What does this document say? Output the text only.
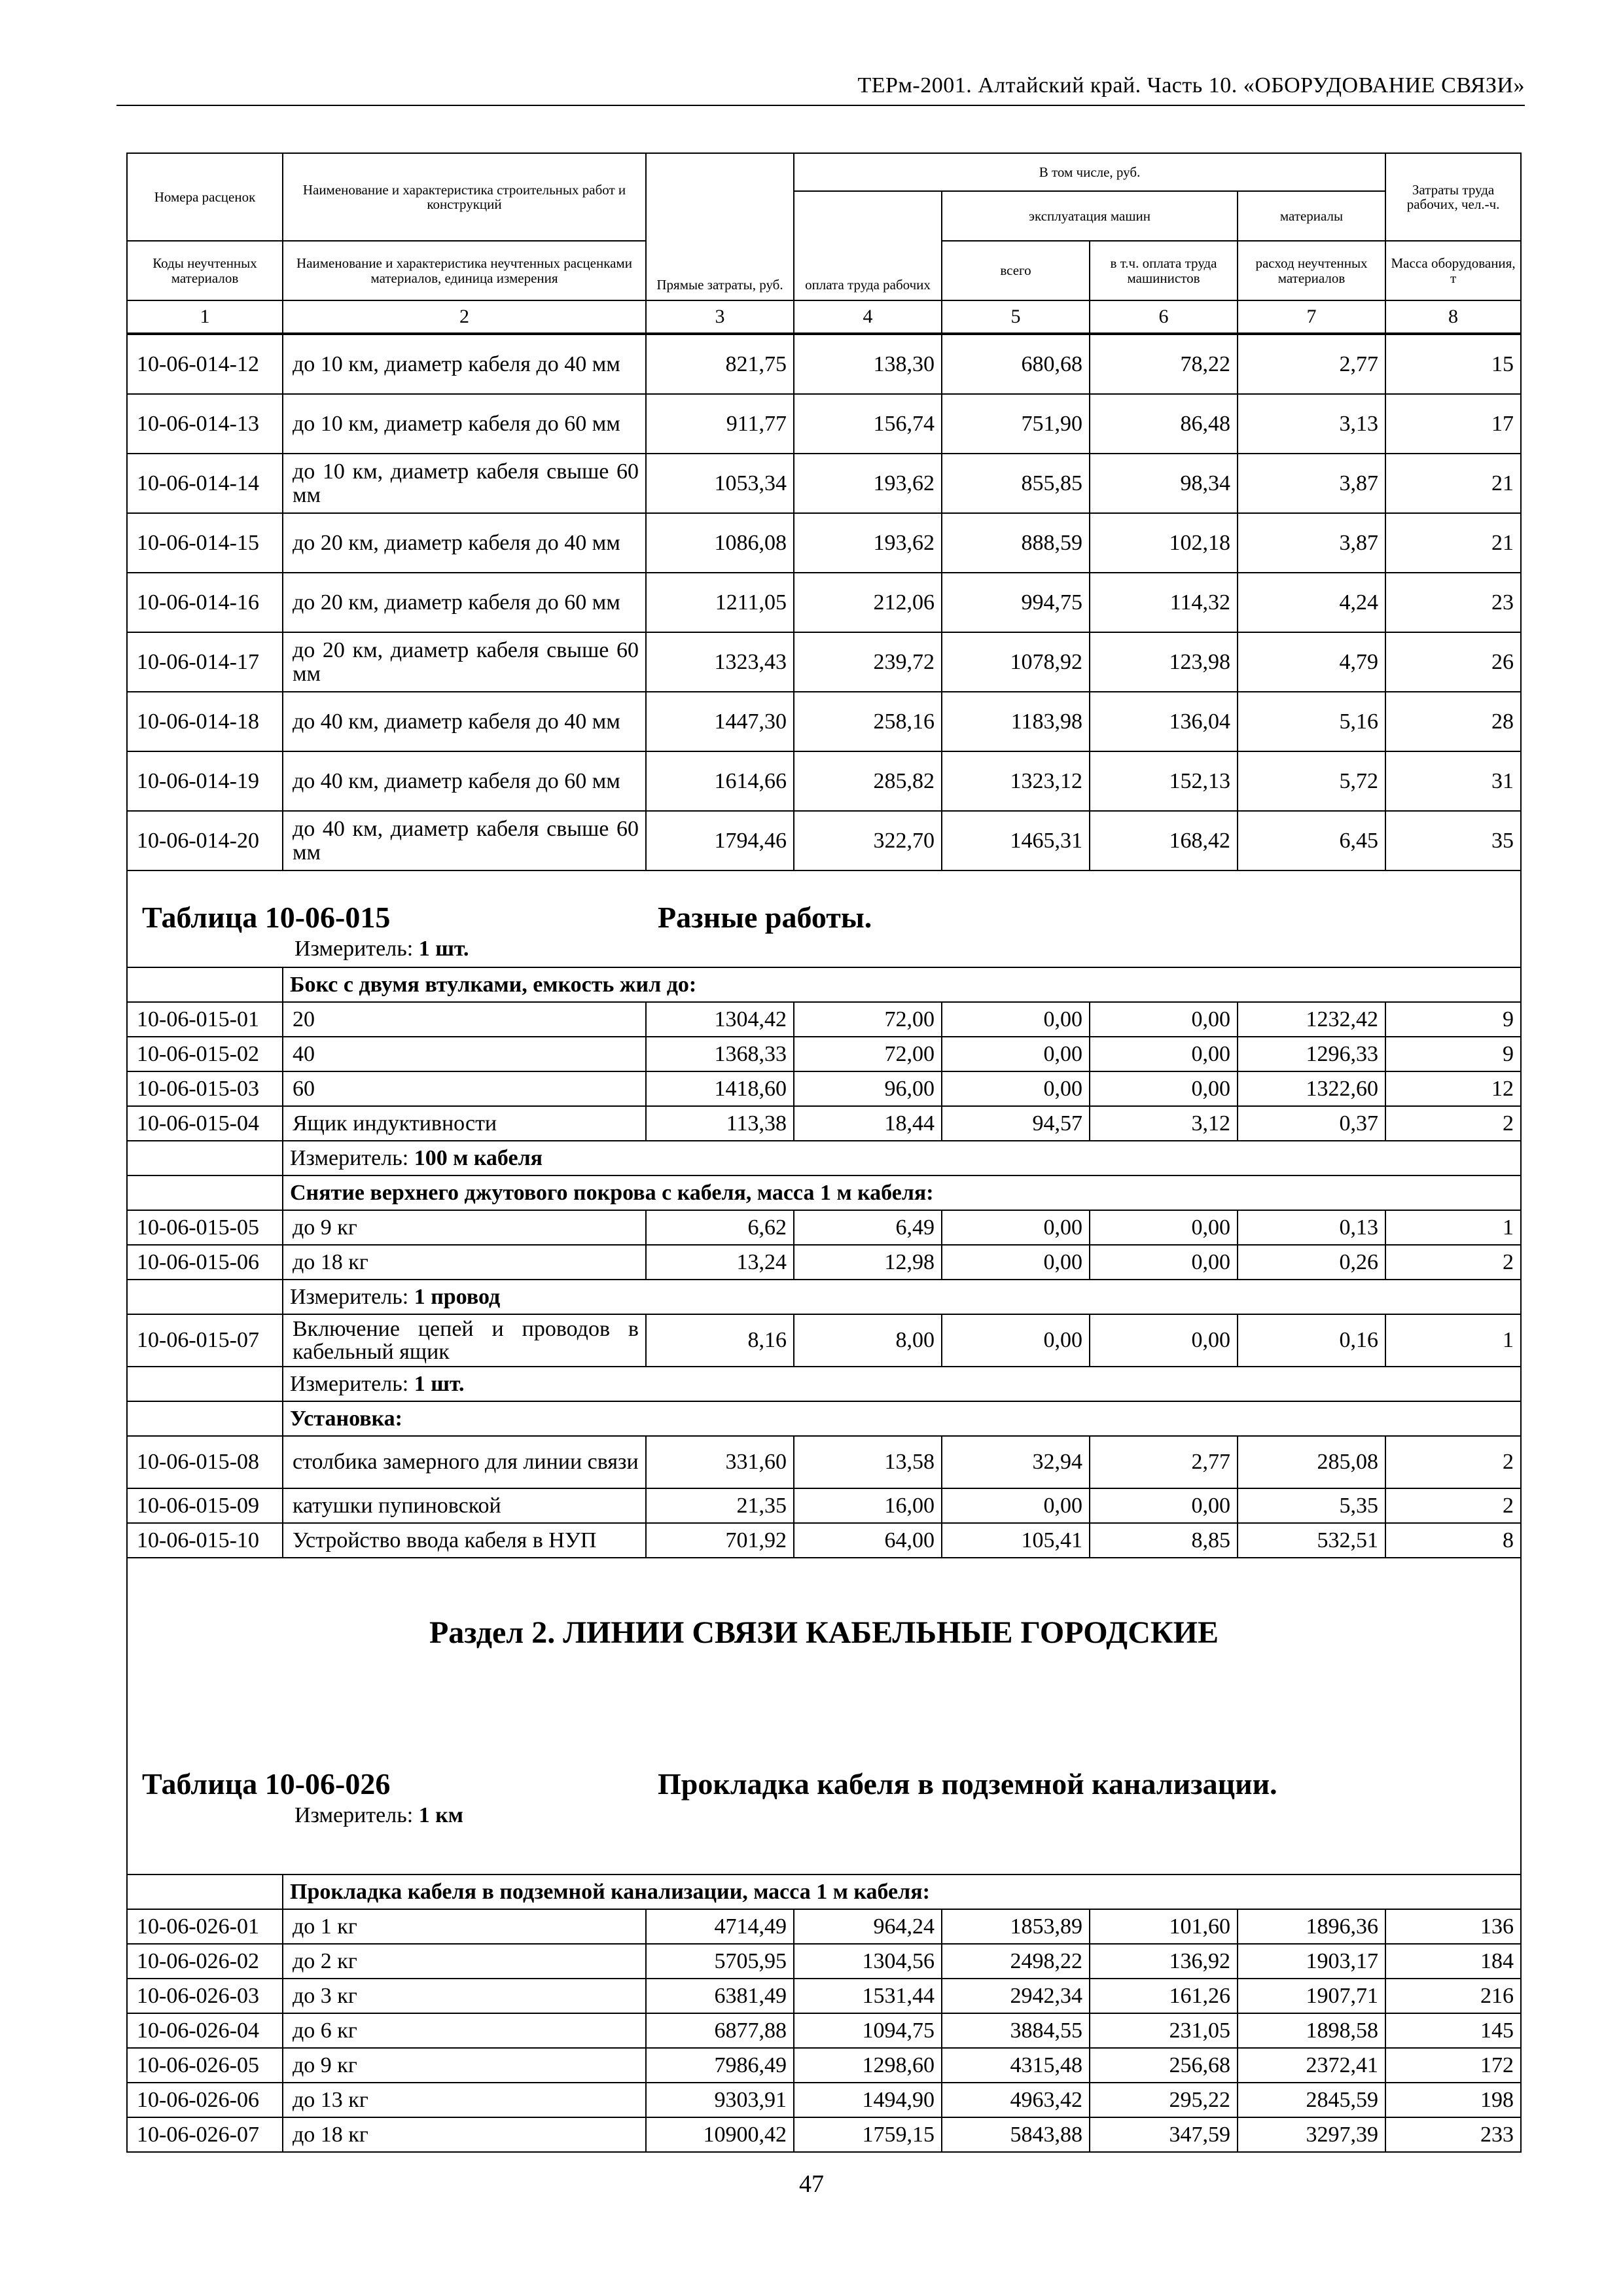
ТЕРм-2001. Алтайский край. Часть 10. «ОБОРУДОВАНИЕ СВЯЗИ»
Номера расценок	Наименование и характеристика строительных работ и конструкций	Прямые затраты, руб.	В том числе, руб.				Затраты труда рабочих, чел.-ч.
			оплата труда рабочих	эксплуатация машин		материалы	
Коды неучтенных материалов	Наименование и характеристика неучтенных расценками материалов, единица измерения			всего	в т.ч. оплата труда машинистов	расход неучтенных материалов	Масса оборудования, т
1	2	3	4	5	6	7	8
10-06-014-12	до 10 км, диаметр кабеля до 40 мм	821,75	138,30	680,68	78,22	2,77	15
10-06-014-13	до 10 км, диаметр кабеля до 60 мм	911,77	156,74	751,90	86,48	3,13	17
10-06-014-14	до 10 км, диаметр кабеля свыше 60 мм	1053,34	193,62	855,85	98,34	3,87	21
10-06-014-15	до 20 км, диаметр кабеля до 40 мм	1086,08	193,62	888,59	102,18	3,87	21
10-06-014-16	до 20 км, диаметр кабеля до 60 мм	1211,05	212,06	994,75	114,32	4,24	23
10-06-014-17	до 20 км, диаметр кабеля свыше 60 мм	1323,43	239,72	1078,92	123,98	4,79	26
10-06-014-18	до 40 км, диаметр кабеля до 40 мм	1447,30	258,16	1183,98	136,04	5,16	28
10-06-014-19	до 40 км, диаметр кабеля до 60 мм	1614,66	285,82	1323,12	152,13	5,72	31
10-06-014-20	до 40 км, диаметр кабеля свыше 60 мм	1794,46	322,70	1465,31	168,42	6,45	35

Таблица 10-06-015 Разные работы.
Измеритель: 1 шт.							

	Бокс с двумя втулками, емкость жил до:						
10-06-015-01	20	1304,42	72,00	0,00	0,00	1232,42	9
10-06-015-02	40	1368,33	72,00	0,00	0,00	1296,33	9
10-06-015-03	60	1418,60	96,00	0,00	0,00	1322,60	12
10-06-015-04	Ящик индуктивности	113,38	18,44	94,57	3,12	0,37	2
	Измеритель: 100 м кабеля						
	Снятие верхнего джутового покрова с кабеля, масса 1 м кабеля:						
10-06-015-05	до 9 кг	6,62	6,49	0,00	0,00	0,13	1
10-06-015-06	до 18 кг	13,24	12,98	0,00	0,00	0,26	2
	Измеритель: 1 провод						
10-06-015-07	Включение цепей и проводов в кабельный ящик	8,16	8,00	0,00	0,00	0,16	1
	Измеритель: 1 шт.						
	Установка:						
10-06-015-08	столбика замерного для линии связи	331,60	13,58	32,94	2,77	285,08	2
10-06-015-09	катушки пупиновской	21,35	16,00	0,00	0,00	5,35	2
10-06-015-10	Устройство ввода кабеля в НУП	701,92	64,00	105,41	8,85	532,51	8

Раздел 2. ЛИНИИ СВЯЗИ КАБЕЛЬНЫЕ ГОРОДСКИЕ
Таблица 10-06-026 Прокладка кабеля в подземной канализации.
Измеритель: 1 км							

	Прокладка кабеля в подземной канализации, масса 1 м кабеля:						
10-06-026-01	до 1 кг	4714,49	964,24	1853,89	101,60	1896,36	136
10-06-026-02	до 2 кг	5705,95	1304,56	2498,22	136,92	1903,17	184
10-06-026-03	до 3 кг	6381,49	1531,44	2942,34	161,26	1907,71	216
10-06-026-04	до 6 кг	6877,88	1094,75	3884,55	231,05	1898,58	145
10-06-026-05	до 9 кг	7986,49	1298,60	4315,48	256,68	2372,41	172
10-06-026-06	до 13 кг	9303,91	1494,90	4963,42	295,22	2845,59	198
10-06-026-07	до 18 кг	10900,42	1759,15	5843,88	347,59	3297,39	233
47
